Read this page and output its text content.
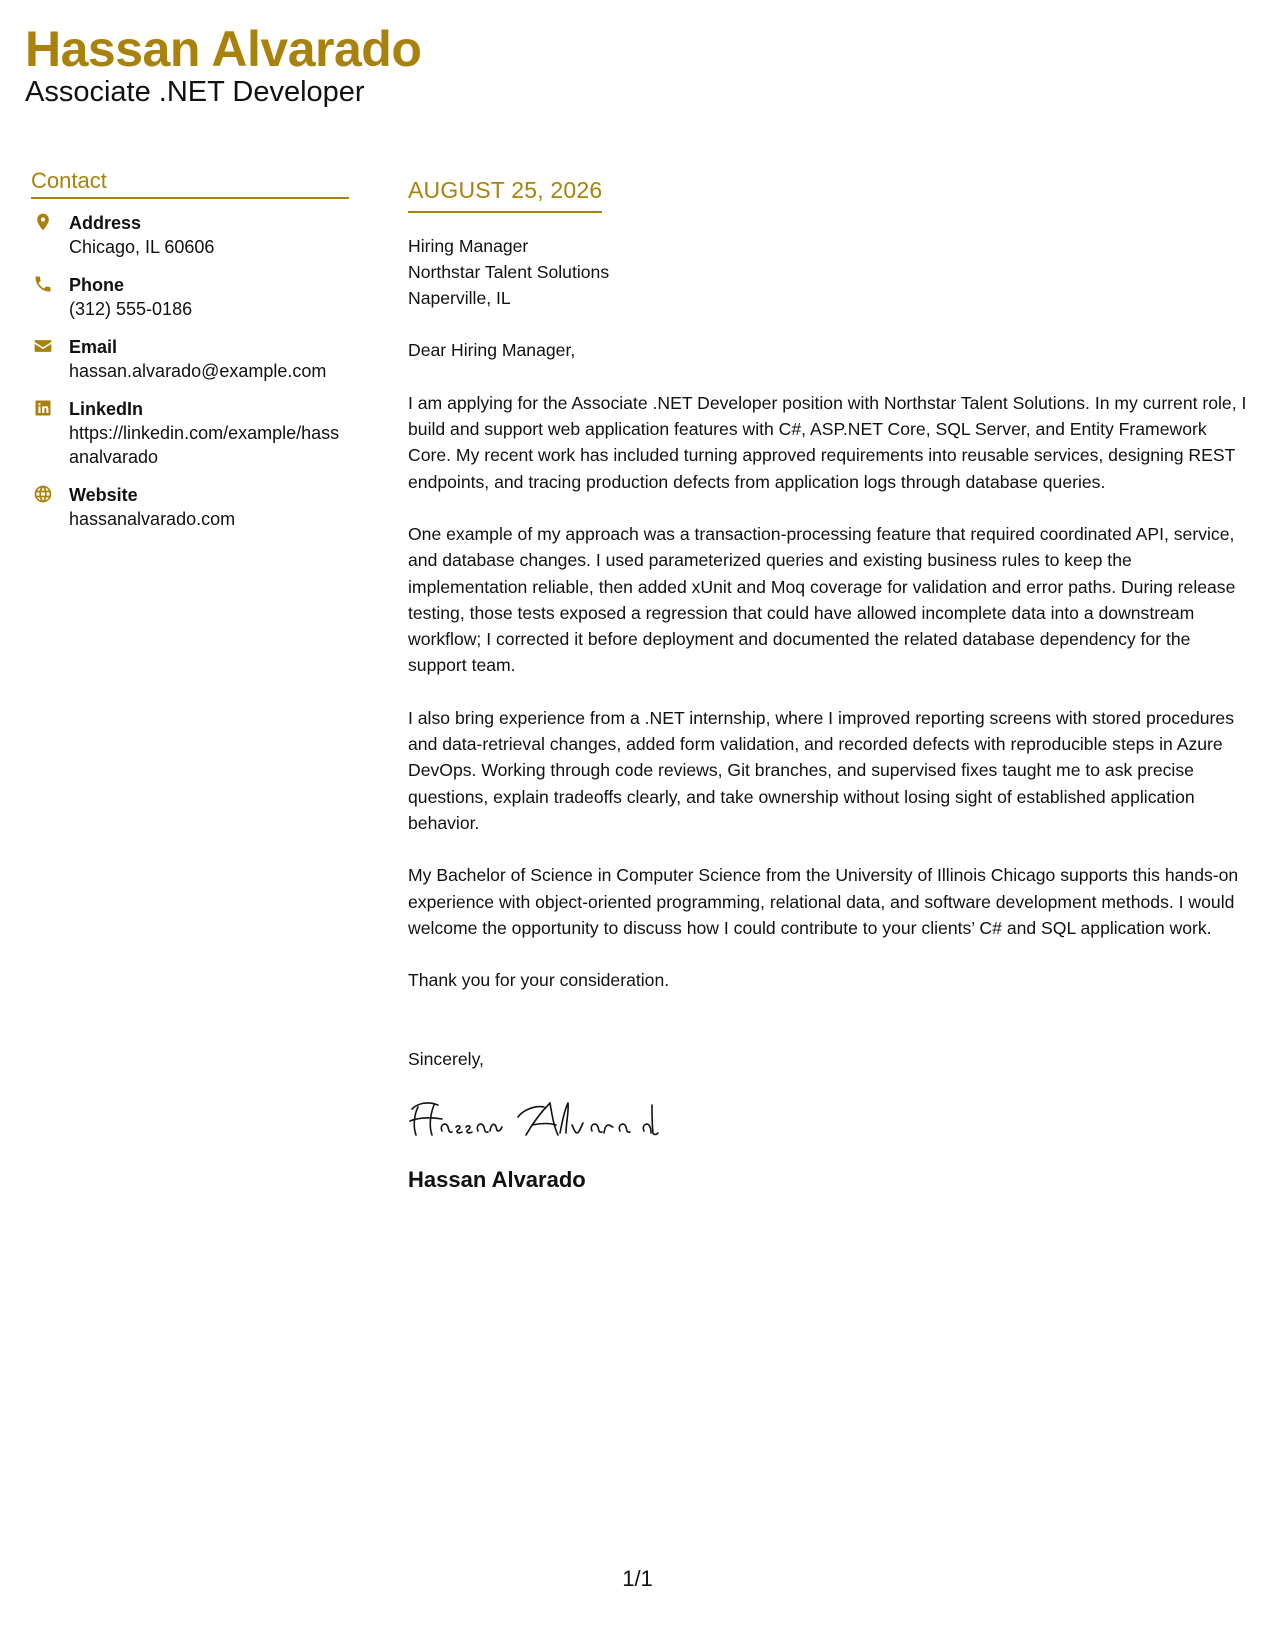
Hassan Alvarado
Associate .NET Developer
Contact
Address
Chicago, IL 60606
Phone
(312) 555-0186
Email
hassan.alvarado@example.com
LinkedIn
https://linkedin.com/example/hassanalvarado
Website
hassanalvarado.com
AUGUST 25, 2026
Hiring Manager
Northstar Talent Solutions
Naperville, IL
Dear Hiring Manager,
I am applying for the Associate .NET Developer position with Northstar Talent Solutions. In my current role, I build and support web application features with C#, ASP.NET Core, SQL Server, and Entity Framework Core. My recent work has included turning approved requirements into reusable services, designing REST endpoints, and tracing production defects from application logs through database queries.
One example of my approach was a transaction-processing feature that required coordinated API, service, and database changes. I used parameterized queries and existing business rules to keep the implementation reliable, then added xUnit and Moq coverage for validation and error paths. During release testing, those tests exposed a regression that could have allowed incomplete data into a downstream workflow; I corrected it before deployment and documented the related database dependency for the support team.
I also bring experience from a .NET internship, where I improved reporting screens with stored procedures and data-retrieval changes, added form validation, and recorded defects with reproducible steps in Azure DevOps. Working through code reviews, Git branches, and supervised fixes taught me to ask precise questions, explain tradeoffs clearly, and take ownership without losing sight of established application behavior.
My Bachelor of Science in Computer Science from the University of Illinois Chicago supports this hands-on experience with object-oriented programming, relational data, and software development methods. I would welcome the opportunity to discuss how I could contribute to your clients’ C# and SQL application work.
Thank you for your consideration.
Sincerely,
Hassan Alvarado
1/1
